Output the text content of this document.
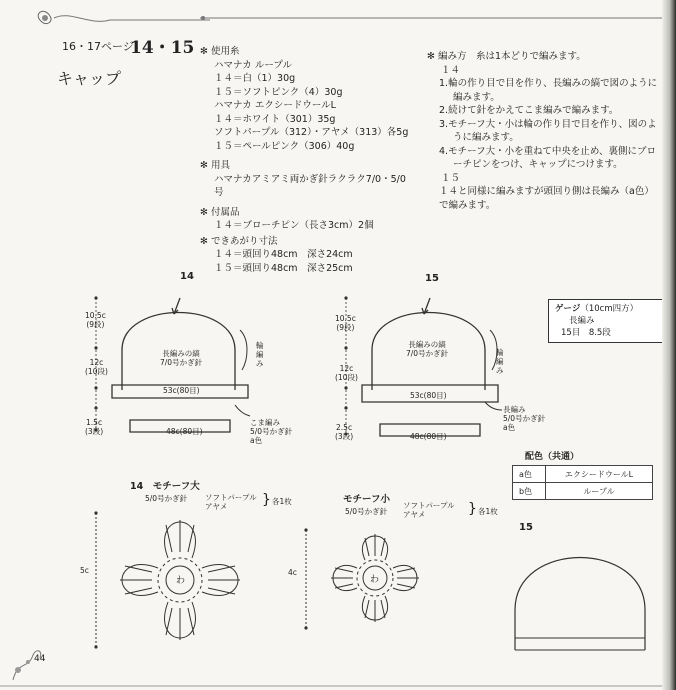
16・17ページ
14・15
キャップ
✻ 使用糸
ハマナカ ループル
１４＝白（1）30g
１５＝ソフトピンク（4）30g
ハマナカ エクシードウールL
１４＝ホワイト（301）35g
ソフトパープル（312）・アヤメ（313）各5g
１５＝ペールピンク（306）40g
✻ 用具
ハマナカアミアミ両かぎ針ラクラク7/0・5/0号
✻ 付属品
１４＝ブローチピン（長さ3cm）2個
✻ できあがり寸法
１４＝頭回り48cm　深さ24cm
１５＝頭回り48cm　深さ25cm
✻ 編み方　糸は1本どりで編みます。
１４
1.輪の作り目で目を作り、長編みの縞で図のように
編みます。
2.続けて針をかえてこま編みで編みます。
3.モチーフ大・小は輪の作り目で目を作り、図のよ
うに編みます。
4.モチーフ大・小を重ねて中央を止め、裏側にブロ
ーチピンをつけ、キャップにつけます。
１５
１４と同様に編みますが頭回り側は長編み（a色）
で編みます。
14
10.5c
(9段)
12c
(10段)
1.5c
(3段)
長編みの縞
7/0号かぎ針
輪編み
53c(80目)
48c(80目)
こま編み
5/0号かぎ針
a色
15
10.5c
(9段)
12c
(10段)
2.5c
(3段)
長編みの縞
7/0号かぎ針	輪編み
53c(80目)
48c(80目)
長編み
5/0号かぎ針
a色
ゲージ（10cm四方）
長編み
15目　8.5段
配色（共通）
a色	エクシードウールL
b色	ループル
14　 モチーフ大
5/0号かぎ針 ソフトパープル
アヤメ	} 各1枚
5c
わ
モチーフ小
5/0号かぎ針
ソフトパープル
アヤメ	} 各1枚
4c
わ
15
44
